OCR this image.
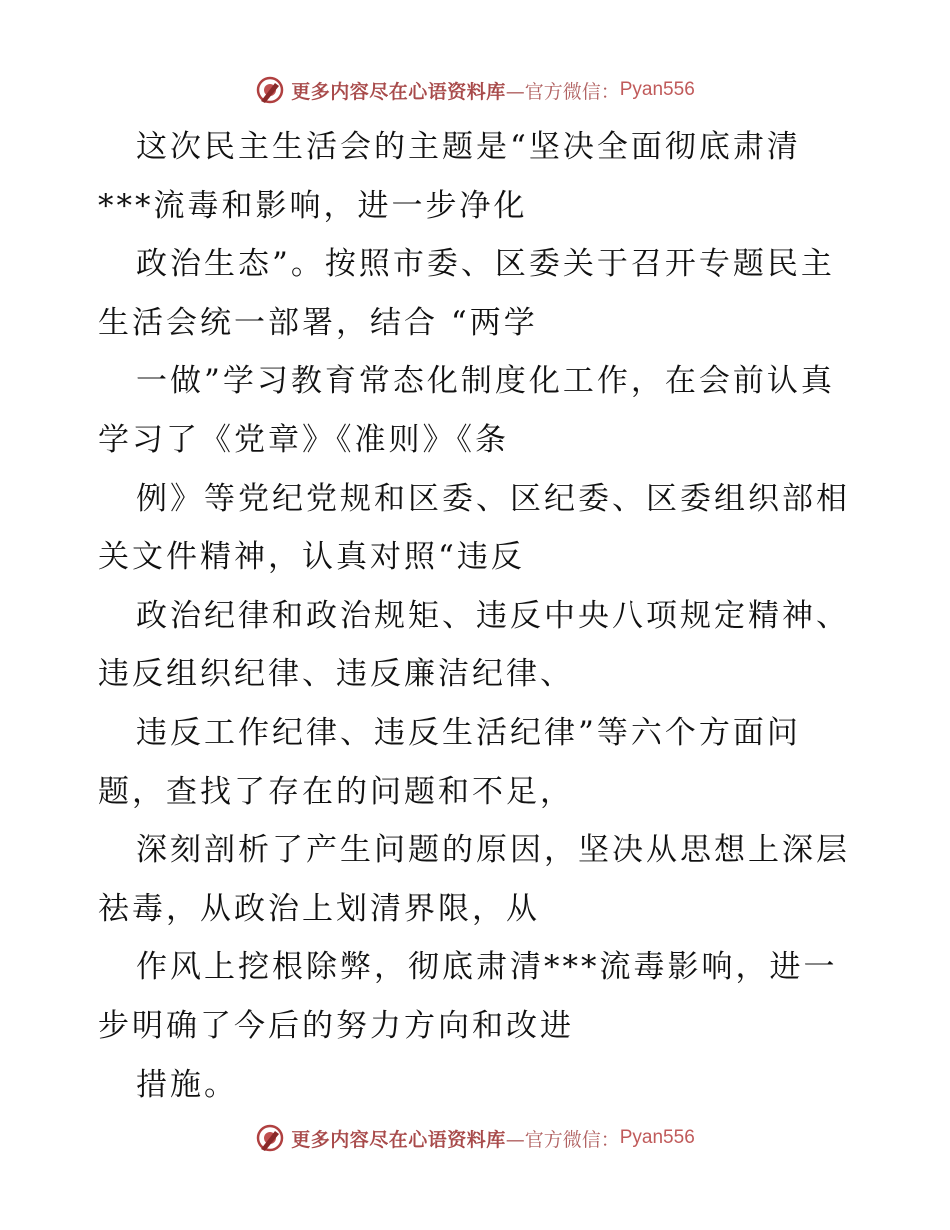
更多内容尽在心语资料库 —官方微信： Pyan556
这次民主生活会的主题是“坚决全面彻底肃清
***流毒和影响，进一步净化
政治生态”。按照市委、区委关于召开专题民主
生活会统一部署，结合 “两学
一做”学习教育常态化制度化工作，在会前认真
学习了《党章》《准则》《条
例》等党纪党规和区委、区纪委、区委组织部相
关文件精神，认真对照“违反
政治纪律和政治规矩、违反中央八项规定精神、
违反组织纪律、违反廉洁纪律、
违反工作纪律、违反生活纪律”等六个方面问
题，查找了存在的问题和不足，
深刻剖析了产生问题的原因，坚决从思想上深层
祛毒，从政治上划清界限，从
作风上挖根除弊，彻底肃清***流毒影响，进一
步明确了今后的努力方向和改进
措施。
更多内容尽在心语资料库 —官方微信： Pyan556
